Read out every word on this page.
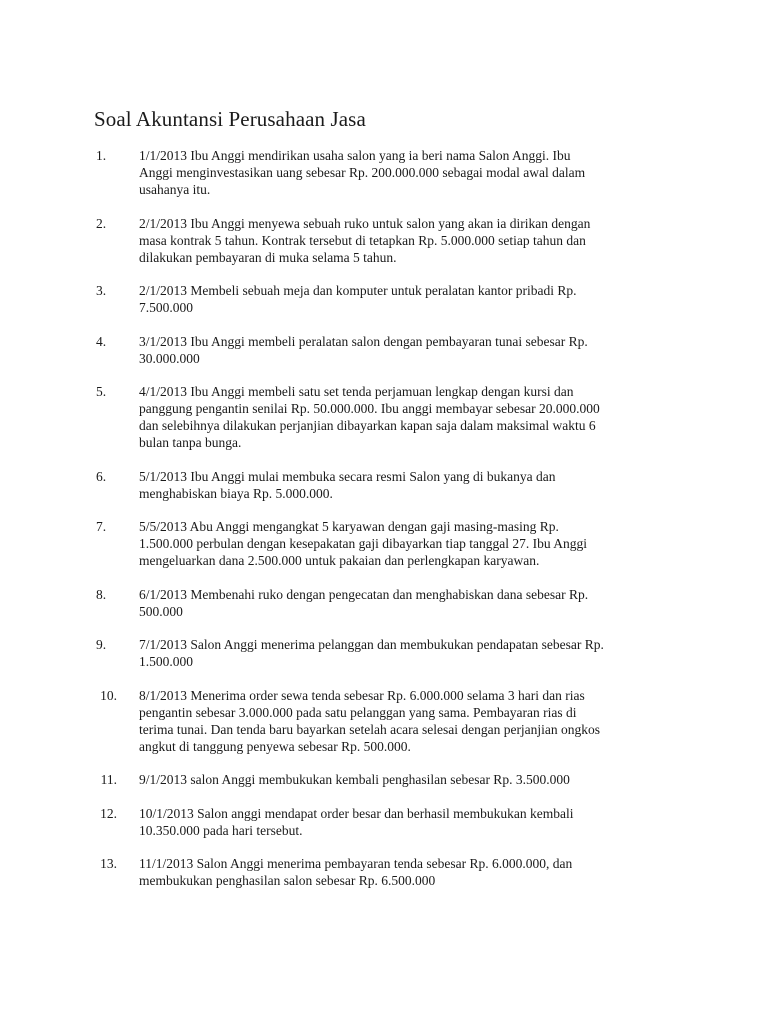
Soal Akuntansi Perusahaan Jasa
1.	1/1/2013 Ibu Anggi mendirikan usaha salon yang ia beri nama Salon Anggi. Ibu
Anggi menginvestasikan uang sebesar Rp. 200.000.000 sebagai modal awal dalam
usahanya itu.
2.	2/1/2013 Ibu Anggi menyewa sebuah ruko untuk salon yang akan ia dirikan dengan
masa kontrak 5 tahun. Kontrak tersebut di tetapkan Rp. 5.000.000 setiap tahun dan
dilakukan pembayaran di muka selama 5 tahun.
3.	2/1/2013 Membeli sebuah meja dan komputer untuk peralatan kantor pribadi Rp.
7.500.000
4.	3/1/2013 Ibu Anggi membeli peralatan salon dengan pembayaran tunai sebesar Rp.
30.000.000
5.	4/1/2013 Ibu Anggi membeli satu set tenda perjamuan lengkap dengan kursi dan
panggung pengantin senilai Rp. 50.000.000. Ibu anggi membayar sebesar 20.000.000
dan selebihnya dilakukan perjanjian dibayarkan kapan saja dalam maksimal waktu 6
bulan tanpa bunga.
6.	5/1/2013 Ibu Anggi mulai membuka secara resmi Salon yang di bukanya dan
menghabiskan biaya Rp. 5.000.000.
7.	5/5/2013 Abu Anggi mengangkat 5 karyawan dengan gaji masing-masing Rp.
1.500.000 perbulan dengan kesepakatan gaji dibayarkan tiap tanggal 27. Ibu Anggi
mengeluarkan dana 2.500.000 untuk pakaian dan perlengkapan karyawan.
8.	6/1/2013 Membenahi ruko dengan pengecatan dan menghabiskan dana sebesar Rp.
500.000
9.	7/1/2013 Salon Anggi menerima pelanggan dan membukukan pendapatan sebesar Rp.
1.500.000
10. 8/1/2013 Menerima order sewa tenda sebesar Rp. 6.000.000 selama 3 hari dan rias
pengantin sebesar 3.000.000 pada satu pelanggan yang sama. Pembayaran rias di
terima tunai. Dan tenda baru bayarkan setelah acara selesai dengan perjanjian ongkos
angkut di tanggung penyewa sebesar Rp. 500.000.
11. 9/1/2013 salon Anggi membukukan kembali penghasilan sebesar Rp. 3.500.000
12. 10/1/2013 Salon anggi mendapat order besar dan berhasil membukukan kembali
10.350.000 pada hari tersebut.
13. 11/1/2013 Salon Anggi menerima pembayaran tenda sebesar Rp. 6.000.000, dan
membukukan penghasilan salon sebesar Rp. 6.500.000
